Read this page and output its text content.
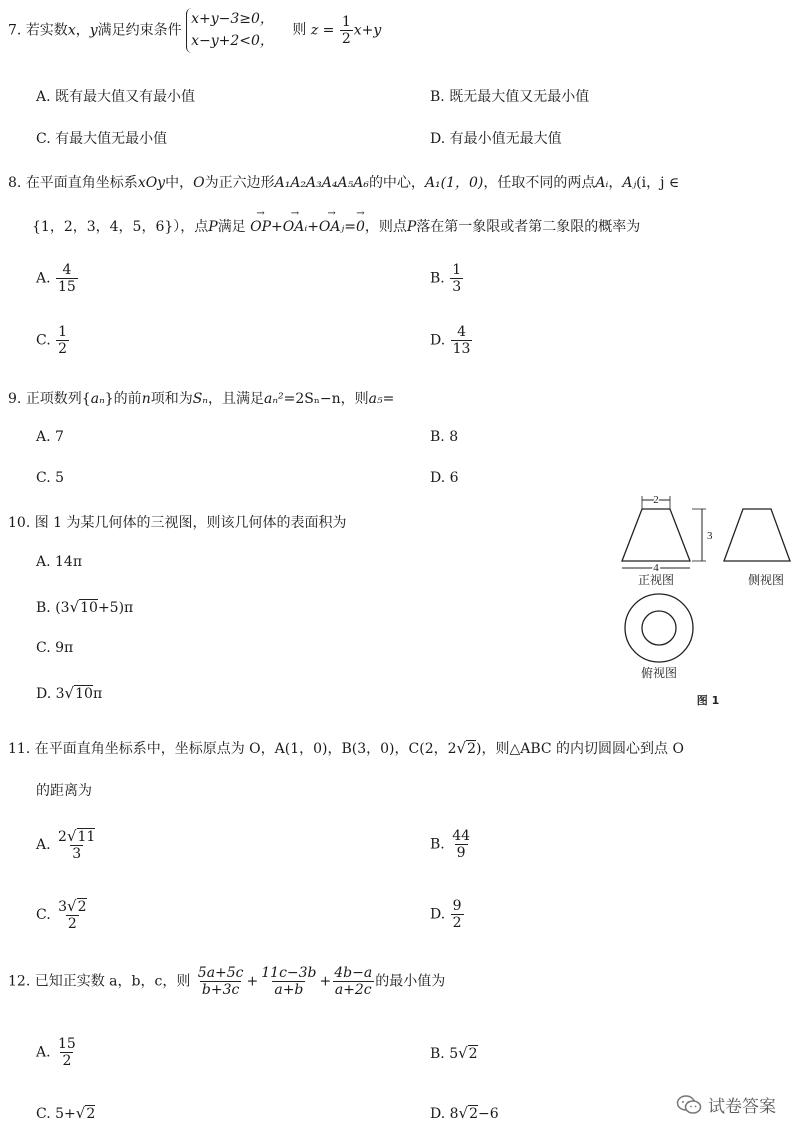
7. 若实数x，y满足约束条件 x+y−3≥0，
x−y+2<0， 则 $z = \frac{1}{2} x+y$
A. 既有最大值又有最小值	B. 既无最大值又无最小值
C. 有最大值无最小值	D. 有最小值无最大值
8. 在平面直角坐标系xOy中，O为正六边形A₁A₂A₃A₄A₅A₆的中心，A₁(1，0)，任取不同的两点Aᵢ，Aⱼ(i，j ∈
{1，2，3，4，5，6}），点P满足 → OP+→ OAᵢ+→ OAⱼ=→ 0，则点P落在第一象限或者第二象限的概率为
A. $\frac{4}{15}$	B. $\frac{1}{3}$
C. $\frac{1}{2}$	D. $\frac{4}{13}$
9. 正项数列{aₙ}的前n项和为Sₙ，且满足aₙ²=2Sₙ−n，则a₅=
A. 7	B. 8
C. 5	D. 6
10. 图 1 为某几何体的三视图，则该几何体的表面积为
A. 14π
B. (3√10+5)π
C. 9π
D. 3√10π
2
3
4
正视图	侧视图
俯视图
图 1
11. 在平面直角坐标系中，坐标原点为 O，A(1，0)，B(3，0)，C(2，2√2)，则△ABC 的内切圆圆心到点 O
的距离为
A. $\frac{2√11}{3}$	B. $\frac{44}{9}$
C. $\frac{3√2}{2}$	D. $\frac{9}{2}$
12. 已知正实数 a，b，c，则 $\frac{5a+5c}{b+3c} + \frac{11c-3b}{a+b} + \frac{4b-a}{a+2c}$ 的最小值为
A. $\frac{15}{2}$	B. 5√2
C. 5+√2	D. 8√2−6	试卷答案
